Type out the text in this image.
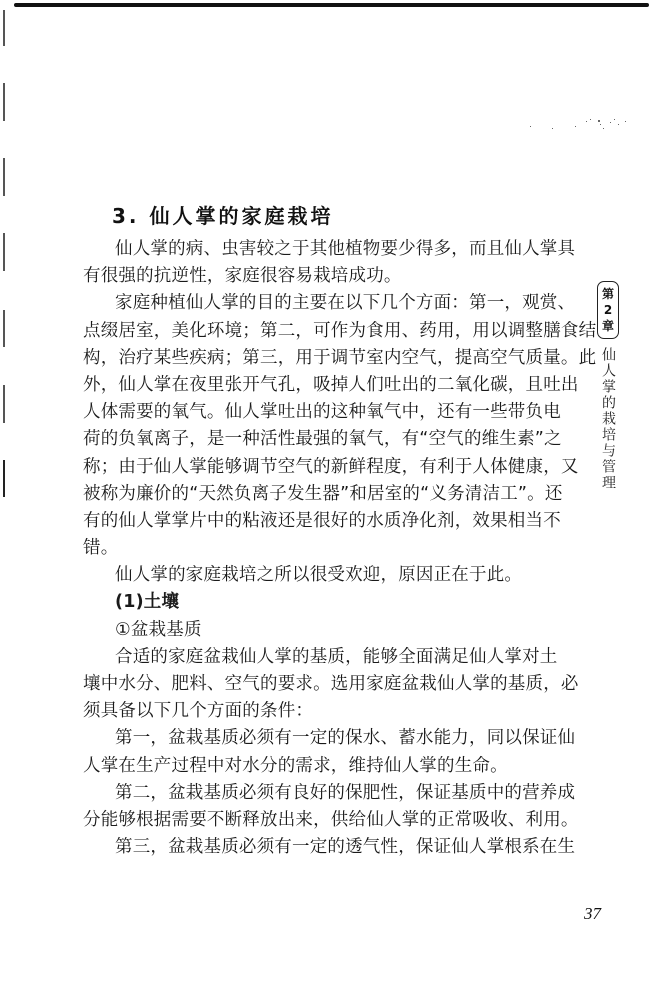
3. 仙人掌的家庭栽培
仙人掌的病、虫害较之于其他植物要少得多，而且仙人掌具
有很强的抗逆性，家庭很容易栽培成功。
家庭种植仙人掌的目的主要在以下几个方面：第一，观赏、
点缀居室，美化环境；第二，可作为食用、药用，用以调整膳食结
构，治疗某些疾病；第三，用于调节室内空气，提高空气质量。此
外，仙人掌在夜里张开气孔，吸掉人们吐出的二氧化碳，且吐出
人体需要的氧气。仙人掌吐出的这种氧气中，还有一些带负电
荷的负氧离子，是一种活性最强的氧气，有“空气的维生素”之
称；由于仙人掌能够调节空气的新鲜程度，有利于人体健康，又
被称为廉价的“天然负离子发生器”和居室的“义务清洁工”。还
有的仙人掌掌片中的粘液还是很好的水质净化剂，效果相当不
错。
仙人掌的家庭栽培之所以很受欢迎，原因正在于此。
(1)土壤
①盆栽基质
合适的家庭盆栽仙人掌的基质，能够全面满足仙人掌对土
壤中水分、肥料、空气的要求。选用家庭盆栽仙人掌的基质，必
须具备以下几个方面的条件：
第一，盆栽基质必须有一定的保水、蓄水能力，同以保证仙
人掌在生产过程中对水分的需求，维持仙人掌的生命。
第二，盆栽基质必须有良好的保肥性，保证基质中的营养成
分能够根据需要不断释放出来，供给仙人掌的正常吸收、利用。
第三，盆栽基质必须有一定的透气性，保证仙人掌根系在生
第
2
章
仙人掌的栽培与管理
37
